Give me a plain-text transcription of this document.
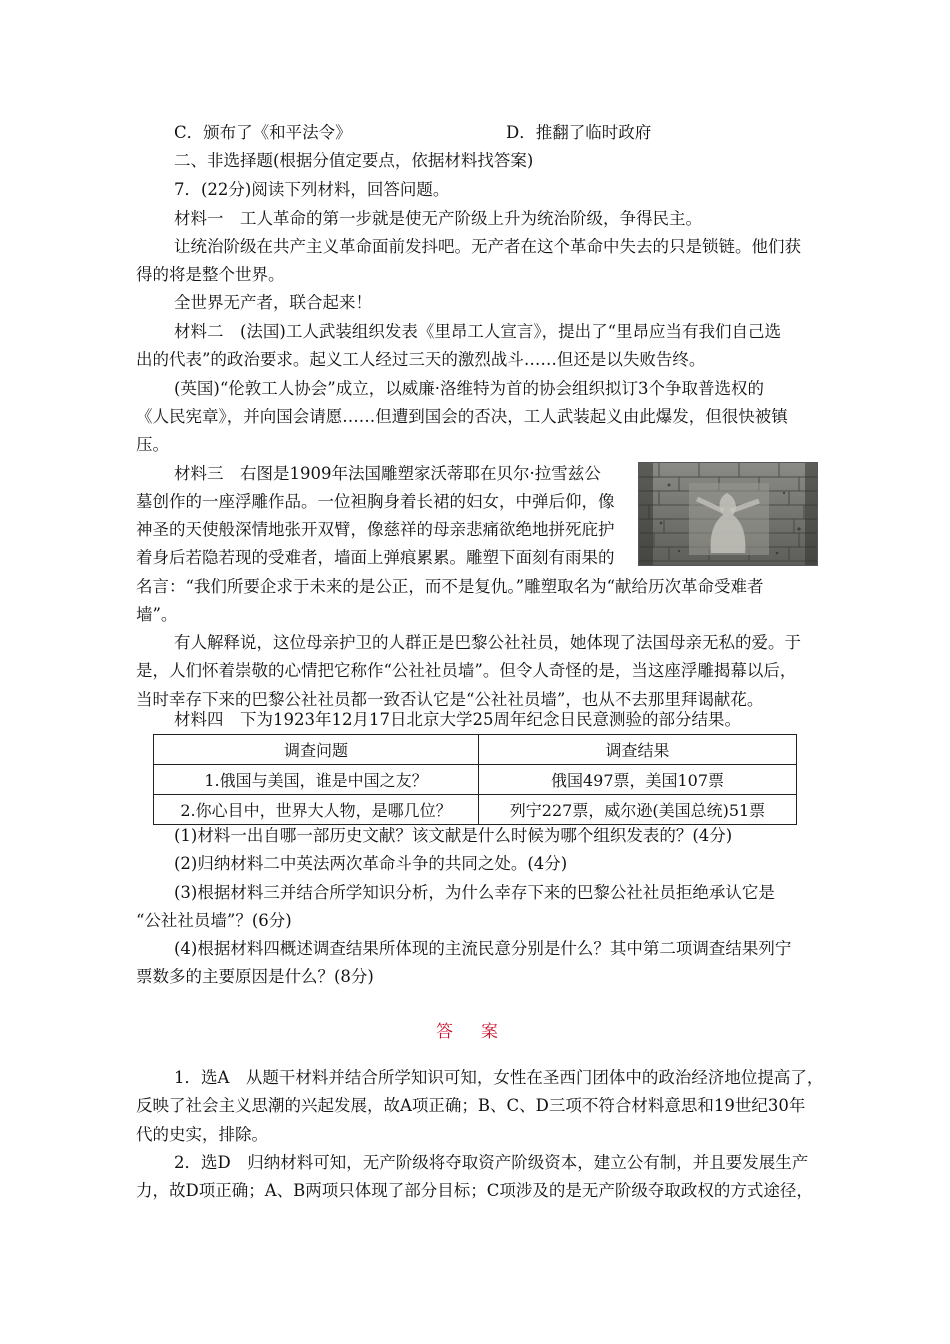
C．颁布了《和平法令》	D．推翻了临时政府
二、非选择题(根据分值定要点，依据材料找答案)
7．(22分)阅读下列材料，回答问题。
材料一　工人革命的第一步就是使无产阶级上升为统治阶级，争得民主。
让统治阶级在共产主义革命面前发抖吧。无产者在这个革命中失去的只是锁链。他们获
得的将是整个世界。
全世界无产者，联合起来！
材料二　(法国)工人武装组织发表《里昂工人宣言》，提出了“里昂应当有我们自己选
出的代表”的政治要求。起义工人经过三天的激烈战斗……但还是以失败告终。
(英国)“伦敦工人协会”成立，以威廉·洛维特为首的协会组织拟订3个争取普选权的
《人民宪章》，并向国会请愿……但遭到国会的否决，工人武装起义由此爆发，但很快被镇
压。
材料三　右图是1909年法国雕塑家沃蒂耶在贝尔·拉雪兹公
墓创作的一座浮雕作品。一位袒胸身着长裙的妇女，中弹后仰，像
神圣的天使般深情地张开双臂，像慈祥的母亲悲痛欲绝地拼死庇护
着身后若隐若现的受难者，墙面上弹痕累累。雕塑下面刻有雨果的
名言：“我们所要企求于未来的是公正，而不是复仇。”雕塑取名为“献给历次革命受难者
墙”。
有人解释说，这位母亲护卫的人群正是巴黎公社社员，她体现了法国母亲无私的爱。于
是，人们怀着崇敬的心情把它称作“公社社员墙”。但令人奇怪的是，当这座浮雕揭幕以后，
当时幸存下来的巴黎公社社员都一致否认它是“公社社员墙”，也从不去那里拜谒献花。
材料四　下为1923年12月17日北京大学25周年纪念日民意测验的部分结果。
调查问题	调查结果
1.俄国与美国，谁是中国之友？	俄国497票，美国107票
2.你心目中，世界大人物，是哪几位？	列宁227票，威尔逊(美国总统)51票
(1)材料一出自哪一部历史文献？该文献是什么时候为哪个组织发表的？(4分)
(2)归纳材料二中英法两次革命斗争的共同之处。(4分)
(3)根据材料三并结合所学知识分析，为什么幸存下来的巴黎公社社员拒绝承认它是
“公社社员墙”？(6分)
(4)根据材料四概述调查结果所体现的主流民意分别是什么？其中第二项调查结果列宁
票数多的主要原因是什么？(8分)
答案
1．选A　从题干材料并结合所学知识可知，女性在圣西门团体中的政治经济地位提高了，
反映了社会主义思潮的兴起发展，故A项正确；B、C、D三项不符合材料意思和19世纪30年
代的史实，排除。
2．选D　归纳材料可知，无产阶级将夺取资产阶级资本，建立公有制，并且要发展生产
力，故D项正确；A、B两项只体现了部分目标；C项涉及的是无产阶级夺取政权的方式途径，
